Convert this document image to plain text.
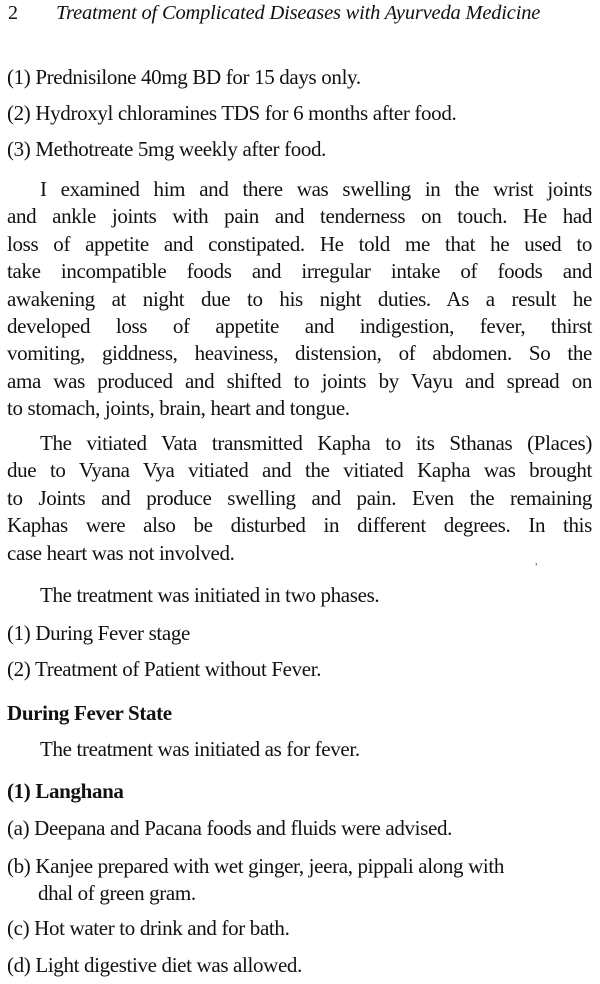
2	Treatment of Complicated Diseases with Ayurveda Medicine
(1) Prednisilone 40mg BD for 15 days only.
(2) Hydroxyl chloramines TDS for 6 months after food.
(3) Methotreate 5mg weekly after food.
I examined him and there was swelling in the wrist joints
and ankle joints with pain and tenderness on touch. He had
loss of appetite and constipated. He told me that he used to
take incompatible foods and irregular intake of foods and
awakening at night due to his night duties. As a result he
developed loss of appetite and indigestion, fever, thirst
vomiting, giddness, heaviness, distension, of abdomen. So the
ama was produced and shifted to joints by Vayu and spread on
to stomach, joints, brain, heart and tongue.
The vitiated Vata transmitted Kapha to its Sthanas (Places)
due to Vyana Vya vitiated and the vitiated Kapha was brought
to Joints and produce swelling and pain. Even the remaining
Kaphas were also be disturbed in different degrees. In this
case heart was not involved.
ʾ
The treatment was initiated in two phases.
(1) During Fever stage
(2) Treatment of Patient without Fever.
During Fever State
The treatment was initiated as for fever.
(1) Langhana
(a) Deepana and Pacana foods and fluids were advised.
(b) Kanjee prepared with wet ginger, jeera, pippali along with
dhal of green gram.
(c) Hot water to drink and for bath.
(d) Light digestive diet was allowed.
